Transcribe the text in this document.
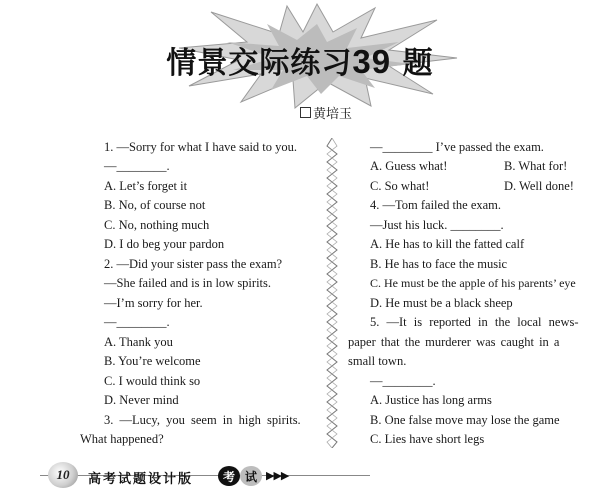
情景交际练习39 题
黄培玉
1. —Sorry for what I have said to you.
—________.
A. Let’s forget it
B. No, of course not
C. No, nothing much
D. I do beg your pardon
2. —Did your sister pass the exam?
—She failed and is in low spirits.
—I’m sorry for her.
—________.
A. Thank you
B. You’re welcome
C. I would think so
D. Never mind
3. —Lucy, you seem in high spirits.
What happened?
—________ I’ve passed the exam.
A. Guess what!	B. What for!
C. So what!	D. Well done!
4. —Tom failed the exam.
—Just his luck. ________.
A. He has to kill the fatted calf
B. He has to face the music
C. He must be the apple of his parents’ eye
D. He must be a black sheep
5. —It is reported in the local news-
paper that the murderer was caught in a
small town.
—________.
A. Justice has long arms
B. One false move may lose the game
C. Lies have short legs
10	高考试题设计版	考 试 ▶▶▶
